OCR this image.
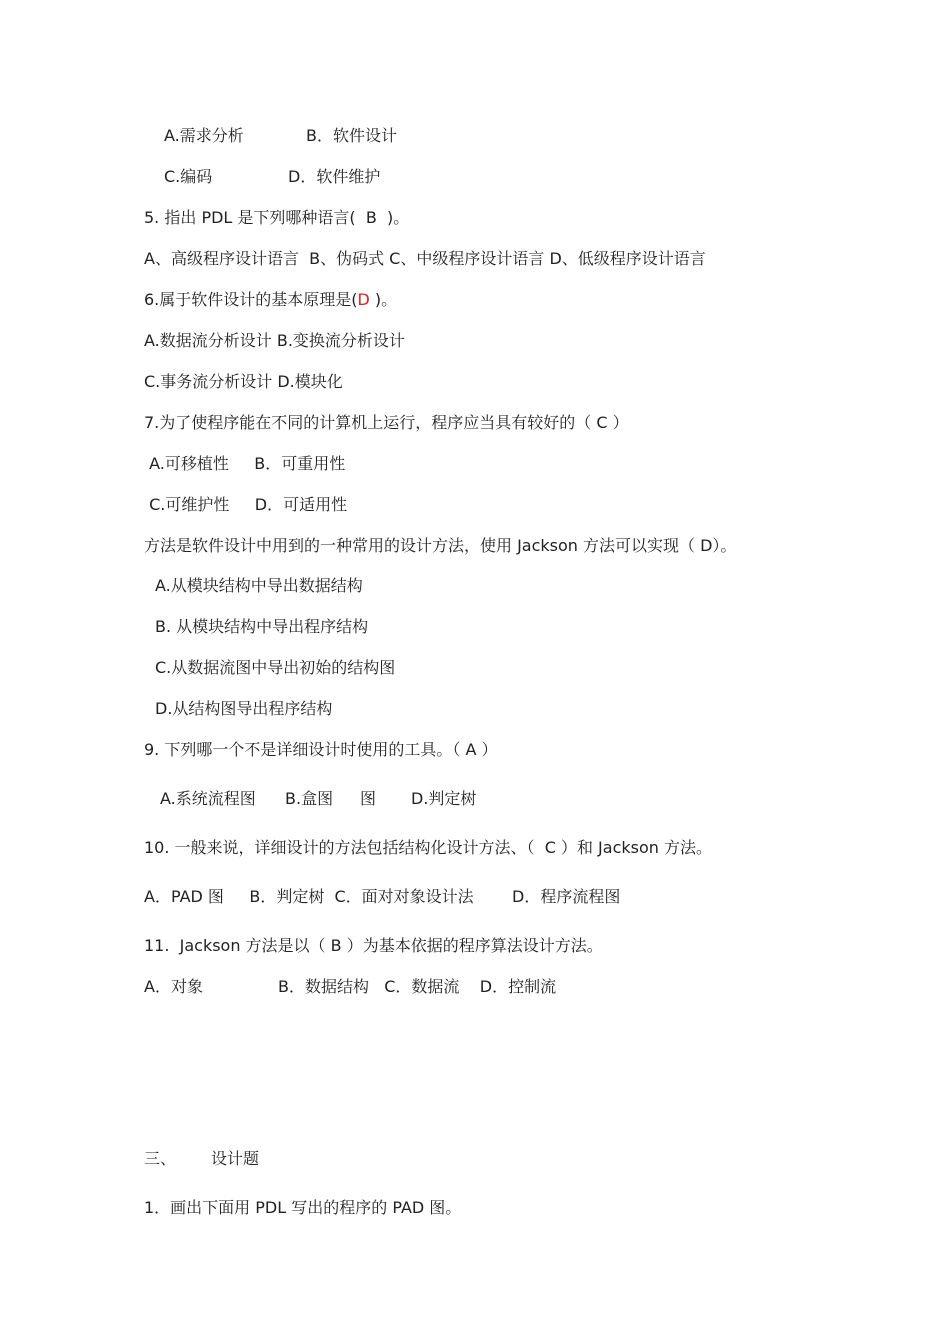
A.需求分析	B．软件设计
C.编码	D．软件维护
5. 指出 PDL 是下列哪种语言(  B  )。
A、高级程序设计语言  B、伪码式 C、中级程序设计语言 D、低级程序设计语言
6.属于软件设计的基本原理是(D )。
A.数据流分析设计 B.变换流分析设计
C.事务流分析设计 D.模块化
7.为了使程序能在不同的计算机上运行，程序应当具有较好的（ C ）
A.可移植性     B．可重用性
C.可维护性     D．可适用性
方法是软件设计中用到的一种常用的设计方法，使用 Jackson 方法可以实现（ D）。
A.从模块结构中导出数据结构
B. 从模块结构中导出程序结构
C.从数据流图中导出初始的结构图
D.从结构图导出程序结构
9. 下列哪一个不是详细设计时使用的工具。（ A ）
A.系统流程图 B.盒图 图 D.判定树
10. 一般来说，详细设计的方法包括结构化设计方法、（  C ）和 Jackson 方法。
A．PAD 图     B．判定树  C．面对对象设计法 D．程序流程图
11.  Jackson 方法是以（ B ）为基本依据的程序算法设计方法。
A．对象	B．数据结构   C．数据流    D．控制流
三、 设计题
1．画出下面用 PDL 写出的程序的 PAD 图。
